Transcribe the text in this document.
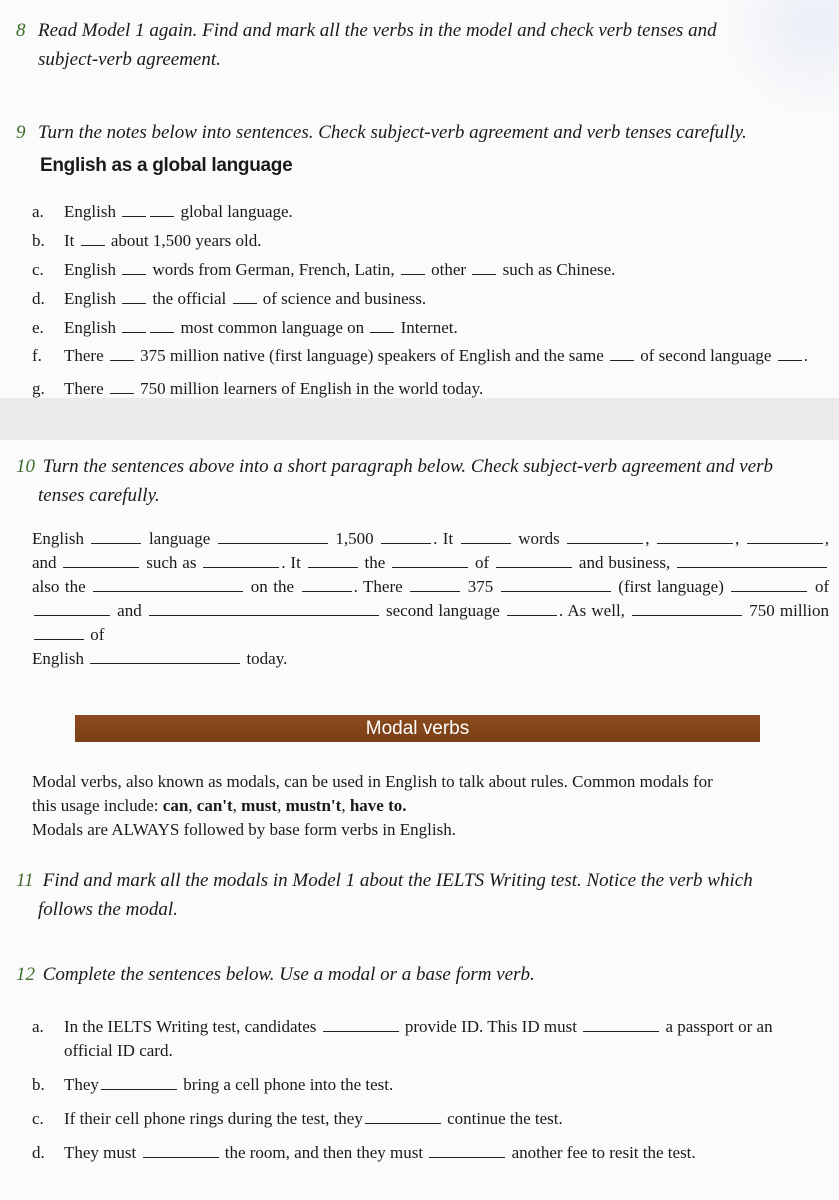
8 Read Model 1 again. Find and mark all the verbs in the model and check verb tenses and
subject-verb agreement.
9 Turn the notes below into sentences. Check subject-verb agreement and verb tenses carefully.
English as a global language
a.	English	global language.
b.	It about 1,500 years old.
c.	English words from German, French, Latin, other such as Chinese.
d.	English the official of science and business.
e.	English	most common language on Internet.
f.	There 375 million native (first language) speakers of English and the same of second language .
g.	There 750 million learners of English in the world today.
10 Turn the sentences above into a short paragraph below. Check subject-verb agreement and verb
tenses carefully.
English	language	1,500	. It	words	,	,	, and	such as	. It	the	of	and business,  also the	on the	. There	375	(first language)	of  and	second language	. As well,	750 million  of
English	today.
Modal verbs
Modal verbs, also known as modals, can be used in English to talk about rules. Common modals for
this usage include: can, can't, must, mustn't, have to.
Modals are ALWAYS followed by base form verbs in English.
11 Find and mark all the modals in Model 1 about the IELTS Writing test. Notice the verb which
follows the modal.
12 Complete the sentences below. Use a modal or a base form verb.
a.	In the IELTS Writing test, candidates	provide ID. This ID must	a passport or an
official ID card.
b.	They	bring a cell phone into the test.
c.	If their cell phone rings during the test, they	continue the test.
d.	They must	the room, and then they must	another fee to resit the test.
